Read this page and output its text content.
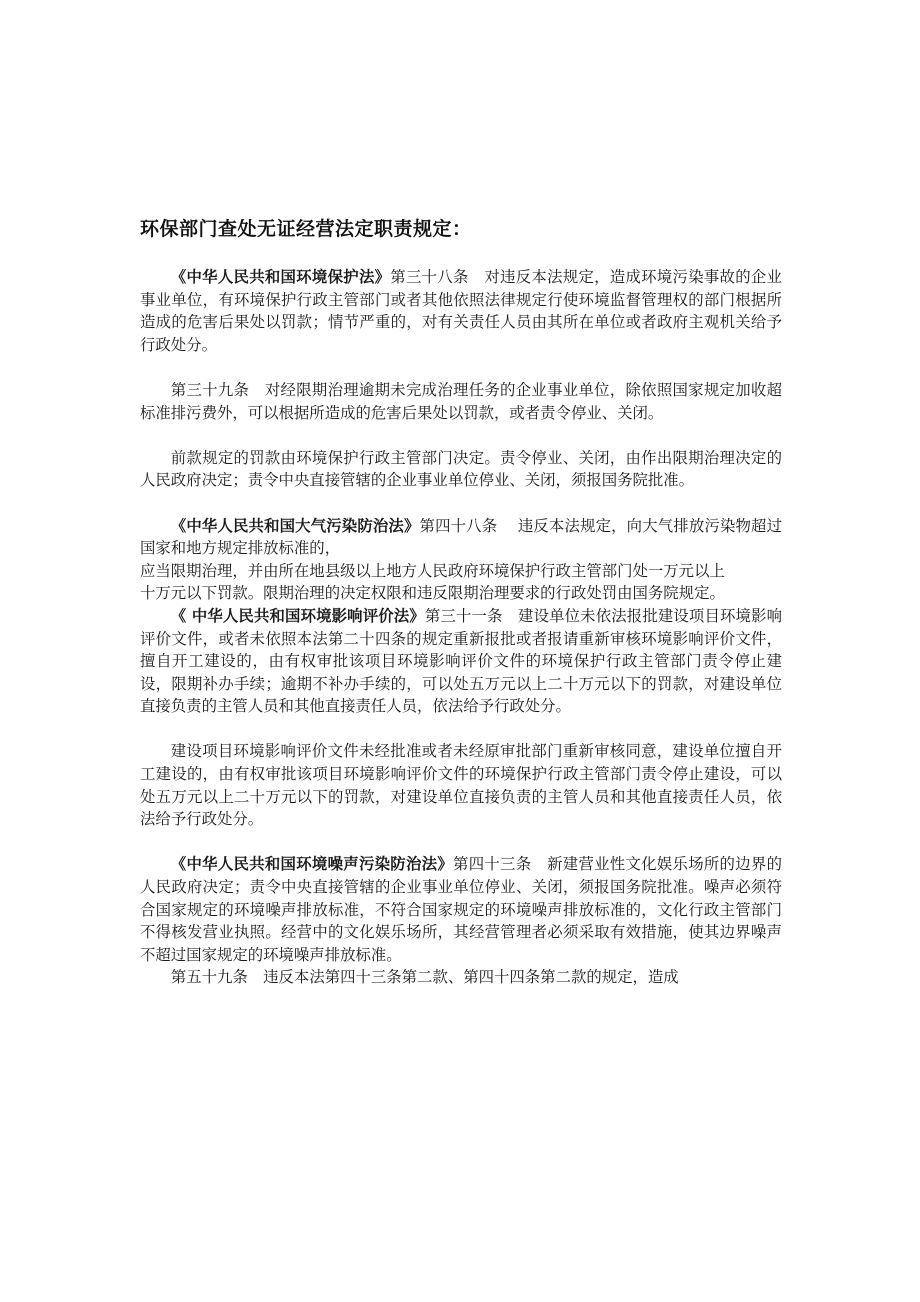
环保部门查处无证经营法定职责规定：

《中华人民共和国环境保护法》第三十八条　对违反本法规定，造成环境污染事故的企业事业单位，有环境保护行政主管部门或者其他依照法律规定行使环境监督管理权的部门根据所造成的危害后果处以罚款；情节严重的，对有关责任人员由其所在单位或者政府主观机关给予行政处分。

第三十九条　对经限期治理逾期未完成治理任务的企业事业单位，除依照国家规定加收超标准排污费外，可以根据所造成的危害后果处以罚款，或者责令停业、关闭。

前款规定的罚款由环境保护行政主管部门决定。责令停业、关闭，由作出限期治理决定的人民政府决定；责令中央直接管辖的企业事业单位停业、关闭，须报国务院批准。

《中华人民共和国大气污染防治法》第四十八条　 违反本法规定，向大气排放污染物超过国家和地方规定排放标准的，

应当限期治理，并由所在地县级以上地方人民政府环境保护行政主管部门处一万元以上

十万元以下罚款。限期治理的决定权限和违反限期治理要求的行政处罚由国务院规定。

《 中华人民共和国环境影响评价法》第三十一条　建设单位未依法报批建设项目环境影响评价文件，或者未依照本法第二十四条的规定重新报批或者报请重新审核环境影响评价文件，擅自开工建设的，由有权审批该项目环境影响评价文件的环境保护行政主管部门责令停止建设，限期补办手续；逾期不补办手续的，可以处五万元以上二十万元以下的罚款，对建设单位直接负责的主管人员和其他直接责任人员，依法给予行政处分。

建设项目环境影响评价文件未经批准或者未经原审批部门重新审核同意，建设单位擅自开工建设的，由有权审批该项目环境影响评价文件的环境保护行政主管部门责令停止建设，可以处五万元以上二十万元以下的罚款，对建设单位直接负责的主管人员和其他直接责任人员，依法给予行政处分。

《中华人民共和国环境噪声污染防治法》第四十三条　新建营业性文化娱乐场所的边界的人民政府决定；责令中央直接管辖的企业事业单位停业、关闭，须报国务院批准。噪声必须符合国家规定的环境噪声排放标准，不符合国家规定的环境噪声排放标准的，文化行政主管部门不得核发营业执照。经营中的文化娱乐场所，其经营管理者必须采取有效措施，使其边界噪声不超过国家规定的环境噪声排放标准。

第五十九条　违反本法第四十三条第二款、第四十四条第二款的规定，造成
